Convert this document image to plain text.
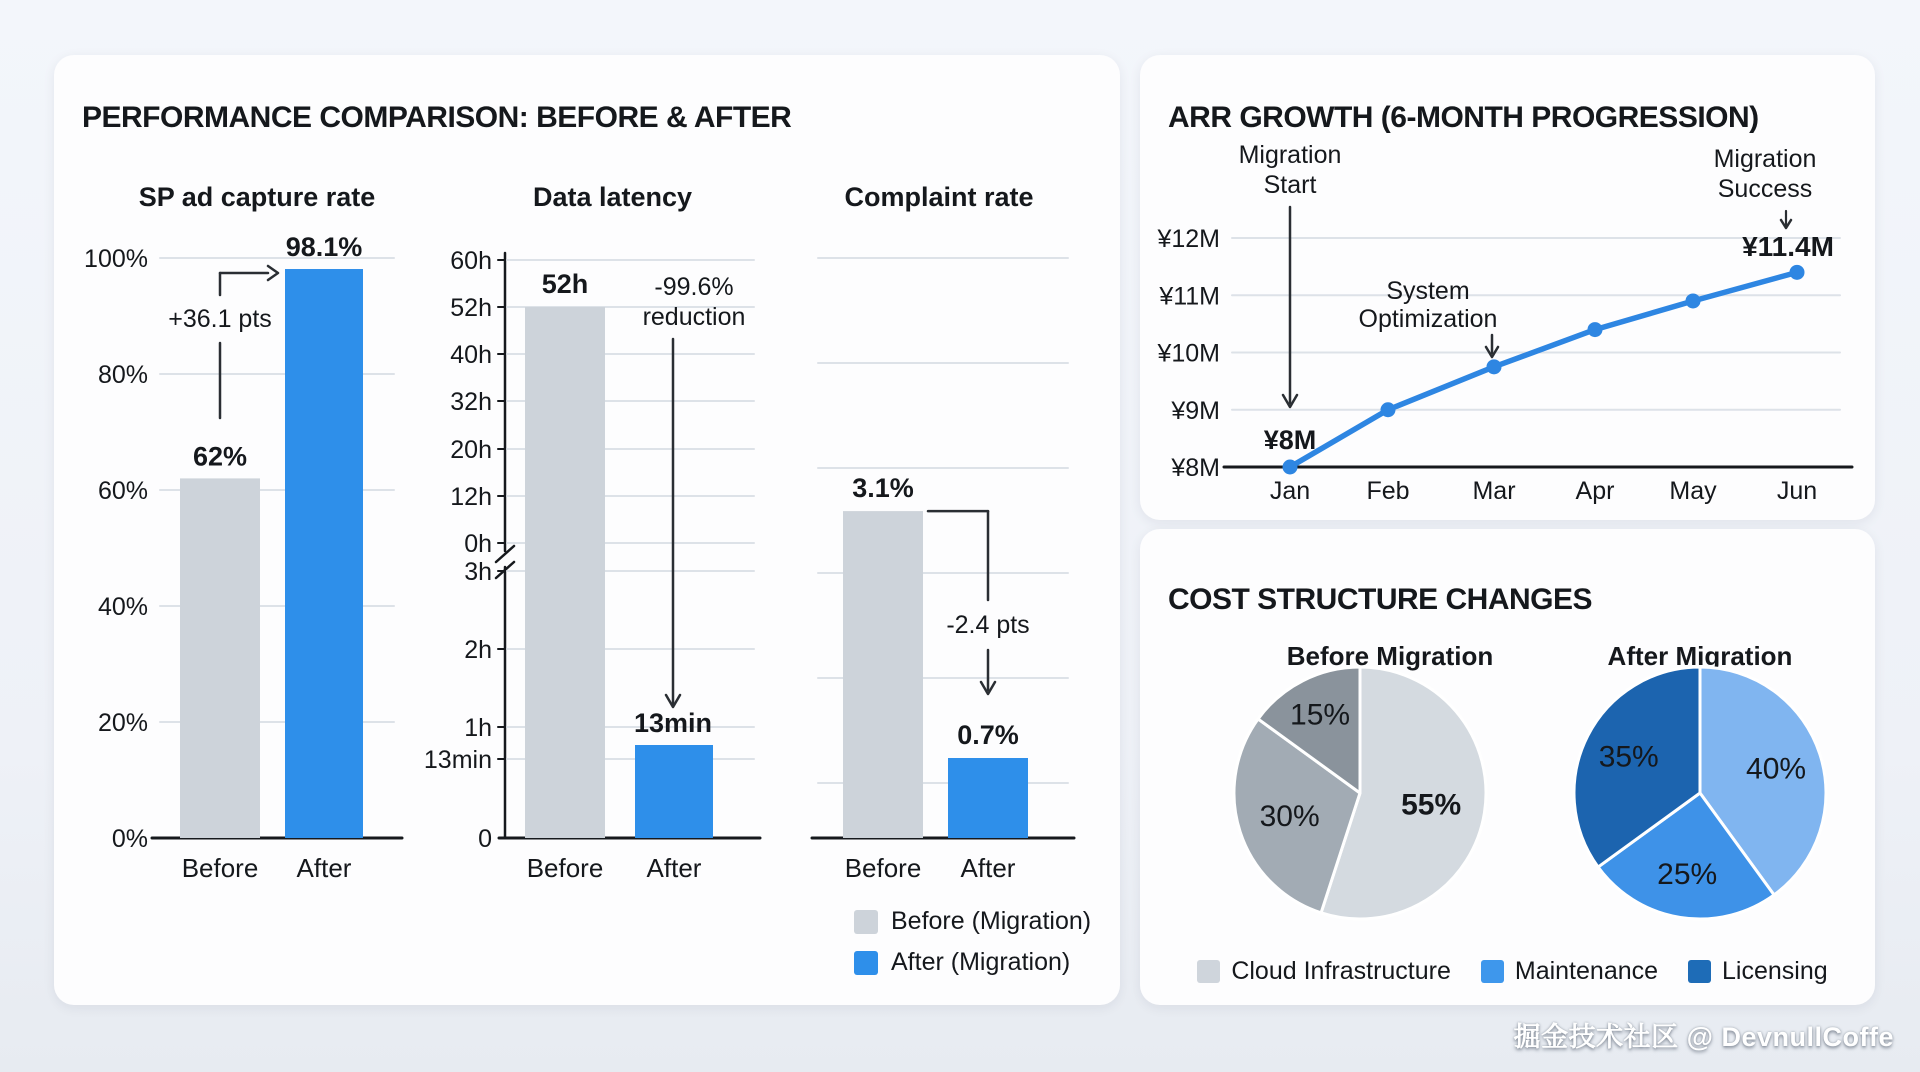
PERFORMANCE COMPARISON: BEFORE & AFTER
SP ad capture rate	Data latency	Complaint rate
100%
80%
60%
40%
20%
0%
62%
Before
98.1%
After
+36.1 pts
60h
52h
40h
32h
20h
12h
0h
3h
2h
1h
13min
0
Before After
52h	-99.6%
reduction
13min
Before After
3.1%
-2.4 pts
0.7%
Before (Migration)
After (Migration)
ARR GROWTH (6-MONTH PROGRESSION)
¥12M
¥11M
¥10M
¥9M
¥8M
Jan Feb	Mar Apr May Jun
Migration
Start
¥8M
System
Optimization
Migration
Success
¥11.4M
COST STRUCTURE CHANGES
Before Migration	After Migration
55%
30%
15%
40%
25%
35%
Cloud Infrastructure	Maintenance	Licensing
掘金技术社区 @ DevnullCoffe
